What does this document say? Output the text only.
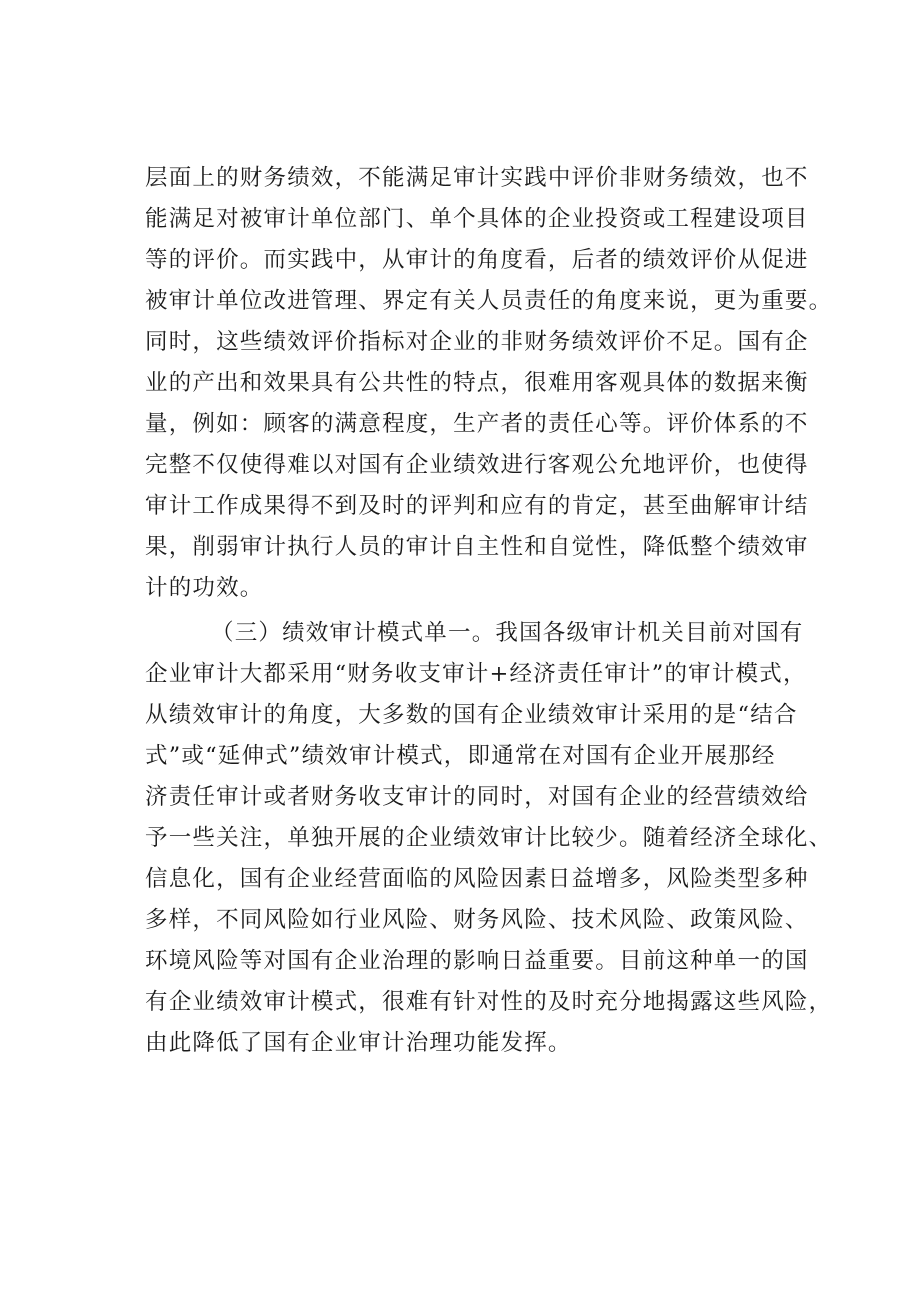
层面上的财务绩效，不能满足审计实践中评价非财务绩效，也不
能满足对被审计单位部门、单个具体的企业投资或工程建设项目
等的评价。而实践中，从审计的角度看，后者的绩效评价从促进
被审计单位改进管理、界定有关人员责任的角度来说，更为重要。
同时，这些绩效评价指标对企业的非财务绩效评价不足。国有企
业的产出和效果具有公共性的特点，很难用客观具体的数据来衡
量，例如：顾客的满意程度，生产者的责任心等。评价体系的不
完整不仅使得难以对国有企业绩效进行客观公允地评价，也使得
审计工作成果得不到及时的评判和应有的肯定，甚至曲解审计结
果，削弱审计执行人员的审计自主性和自觉性，降低整个绩效审
计的功效。
（三）绩效审计模式单一。我国各级审计机关目前对国有
企业审计大都采用“财务收支审计+经济责任审计”的审计模式，
从绩效审计的角度，大多数的国有企业绩效审计采用的是“结合
式”或“延伸式”绩效审计模式，即通常在对国有企业开展那经
济责任审计或者财务收支审计的同时，对国有企业的经营绩效给
予一些关注，单独开展的企业绩效审计比较少。随着经济全球化、
信息化，国有企业经营面临的风险因素日益增多，风险类型多种
多样，不同风险如行业风险、财务风险、技术风险、政策风险、
环境风险等对国有企业治理的影响日益重要。目前这种单一的国
有企业绩效审计模式，很难有针对性的及时充分地揭露这些风险，
由此降低了国有企业审计治理功能发挥。
